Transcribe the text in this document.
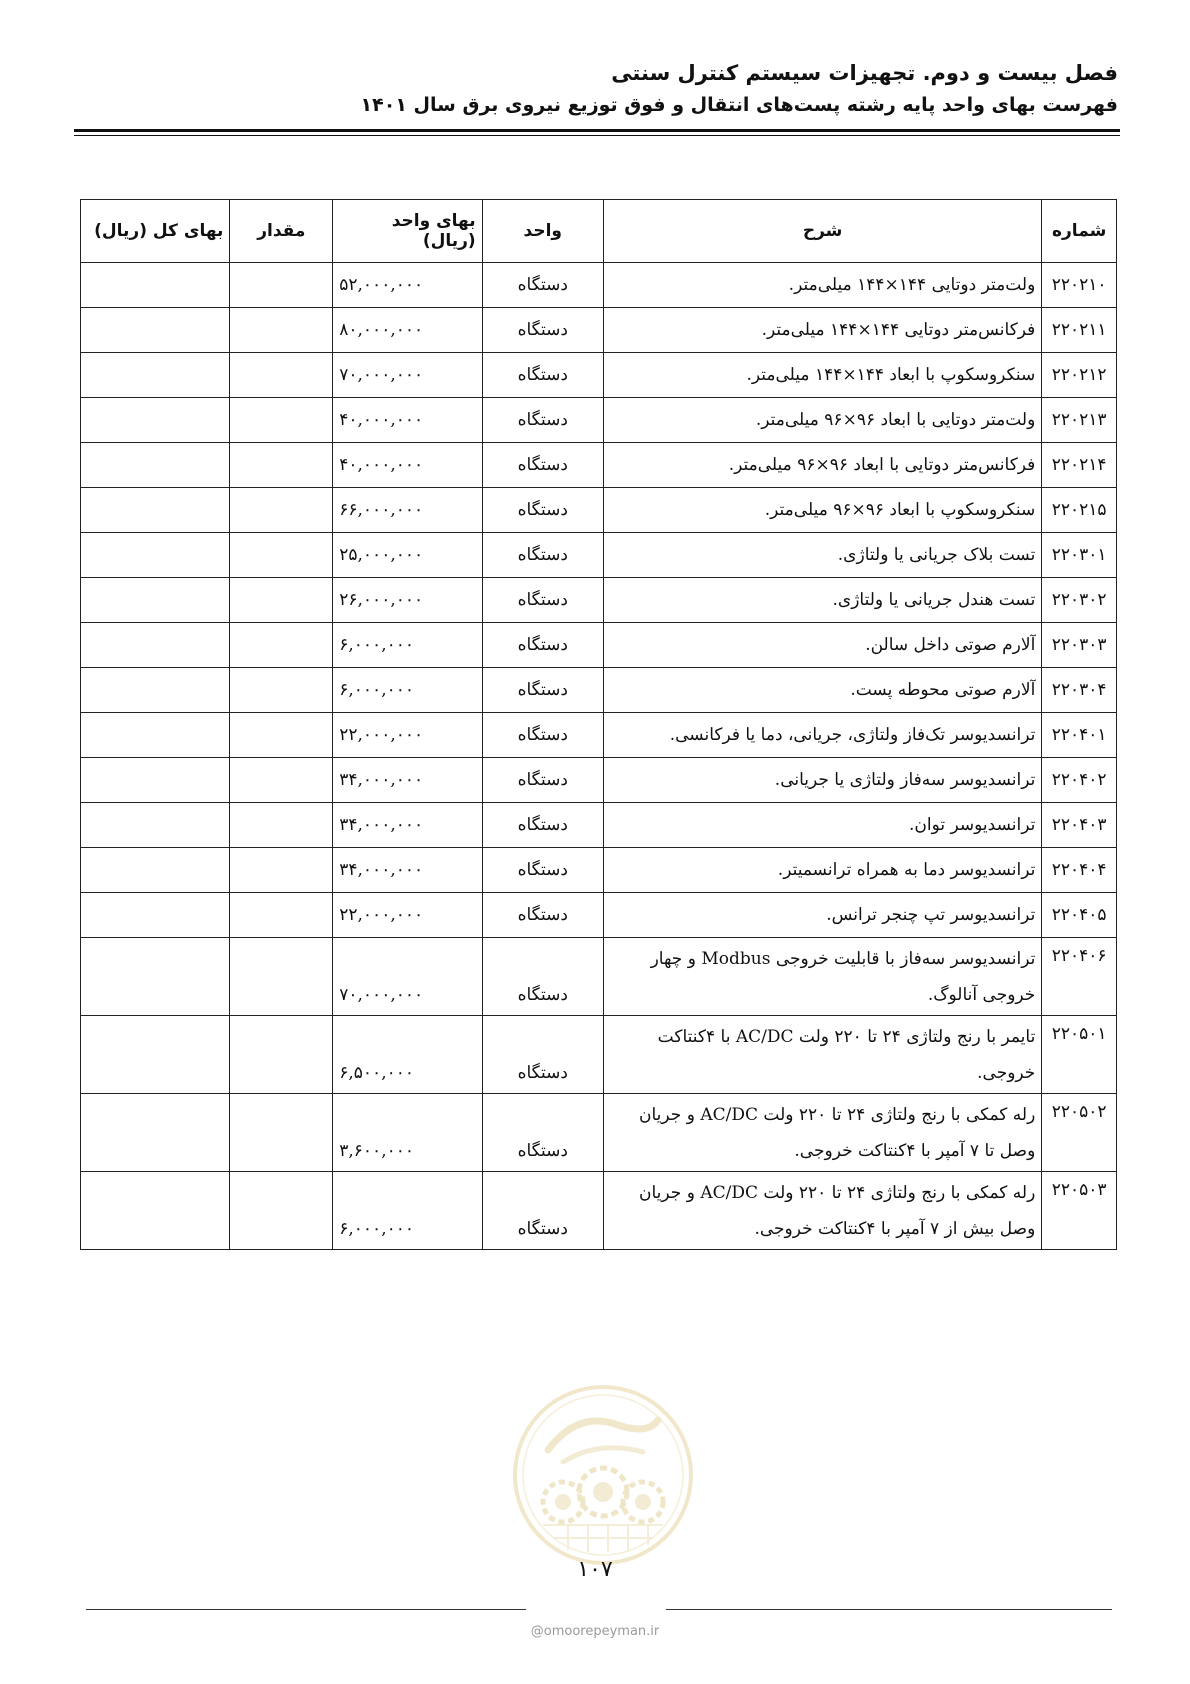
فصل بیست و دوم. تجهیزات سیستم کنترل سنتی
فهرست بهای واحد پایه رشته پست‌های انتقال و فوق توزیع نیروی برق سال ۱۴۰۱
شماره	شرح	واحد	بهای واحد (ریال)	مقدار	بهای کل (ریال)
۲۲۰۲۱۰	ولت‌متر دوتایی ۱۴۴×۱۴۴ میلی‌متر.	دستگاه	۵۲,۰۰۰,۰۰۰		
۲۲۰۲۱۱	فرکانس‌متر دوتایی ۱۴۴×۱۴۴ میلی‌متر.	دستگاه	۸۰,۰۰۰,۰۰۰		
۲۲۰۲۱۲	سنکروسکوپ با ابعاد ۱۴۴×۱۴۴ میلی‌متر.	دستگاه	۷۰,۰۰۰,۰۰۰		
۲۲۰۲۱۳	ولت‌متر دوتایی با ابعاد ۹۶×۹۶ میلی‌متر.	دستگاه	۴۰,۰۰۰,۰۰۰		
۲۲۰۲۱۴	فرکانس‌متر دوتایی با ابعاد ۹۶×۹۶ میلی‌متر.	دستگاه	۴۰,۰۰۰,۰۰۰		
۲۲۰۲۱۵	سنکروسکوپ با ابعاد ۹۶×۹۶ میلی‌متر.	دستگاه	۶۶,۰۰۰,۰۰۰		
۲۲۰۳۰۱	تست بلاک جریانی یا ولتاژی.	دستگاه	۲۵,۰۰۰,۰۰۰		
۲۲۰۳۰۲	تست هندل جریانی یا ولتاژی.	دستگاه	۲۶,۰۰۰,۰۰۰		
۲۲۰۳۰۳	آلارم صوتی داخل سالن.	دستگاه	۶,۰۰۰,۰۰۰		
۲۲۰۳۰۴	آلارم صوتی محوطه پست.	دستگاه	۶,۰۰۰,۰۰۰		
۲۲۰۴۰۱	ترانسدیوسر تک‌فاز ولتاژی، جریانی، دما یا فرکانسی.	دستگاه	۲۲,۰۰۰,۰۰۰		
۲۲۰۴۰۲	ترانسدیوسر سه‌فاز ولتاژی یا جریانی.	دستگاه	۳۴,۰۰۰,۰۰۰		
۲۲۰۴۰۳	ترانسدیوسر توان.	دستگاه	۳۴,۰۰۰,۰۰۰		
۲۲۰۴۰۴	ترانسدیوسر دما به همراه ترانسمیتر.	دستگاه	۳۴,۰۰۰,۰۰۰		
۲۲۰۴۰۵	ترانسدیوسر تپ چنجر ترانس.	دستگاه	۲۲,۰۰۰,۰۰۰		
۲۲۰۴۰۶	ترانسدیوسر سه‌فاز با قابلیت خروجی Modbus و چهار خروجی آنالوگ.	دستگاه	۷۰,۰۰۰,۰۰۰		
۲۲۰۵۰۱	تایمر با رنج ولتاژی ۲۴ تا ۲۲۰ ولت AC/DC با ۴کنتاکت خروجی.	دستگاه	۶,۵۰۰,۰۰۰		
۲۲۰۵۰۲	رله کمکی با رنج ولتاژی ۲۴ تا ۲۲۰ ولت AC/DC و جریان وصل تا ۷ آمپر با ۴کنتاکت خروجی.	دستگاه	۳,۶۰۰,۰۰۰		
۲۲۰۵۰۳	رله کمکی با رنج ولتاژی ۲۴ تا ۲۲۰ ولت AC/DC و جریان وصل بیش از ۷ آمپر با ۴کنتاکت خروجی.	دستگاه	۶,۰۰۰,۰۰۰		
۱۰۷
@omoorepeyman.ir
